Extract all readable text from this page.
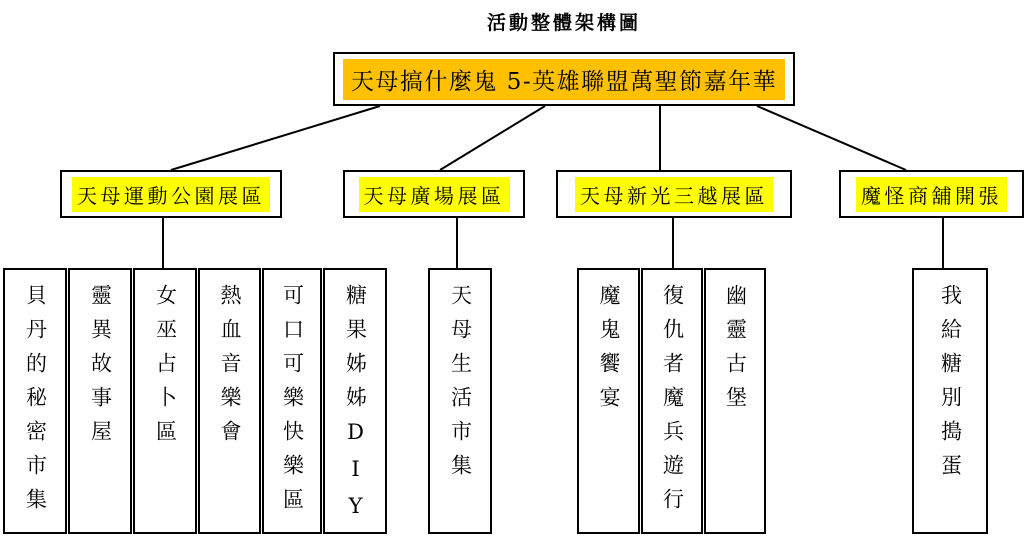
活動整體架構圖
天母搞什麼鬼 5-英雄聯盟萬聖節嘉年華
天母運動公園展區	天母廣場展區	天母新光三越展區	魔怪商舖開張
貝丹的秘密市集 靈異故事屋 女巫占卜區 熱血音樂會 可口可樂快樂區 糖果姊姊DIY	天母生活市集	魔鬼饗宴 復仇者魔兵遊行 幽靈古堡	我給糖別搗蛋
